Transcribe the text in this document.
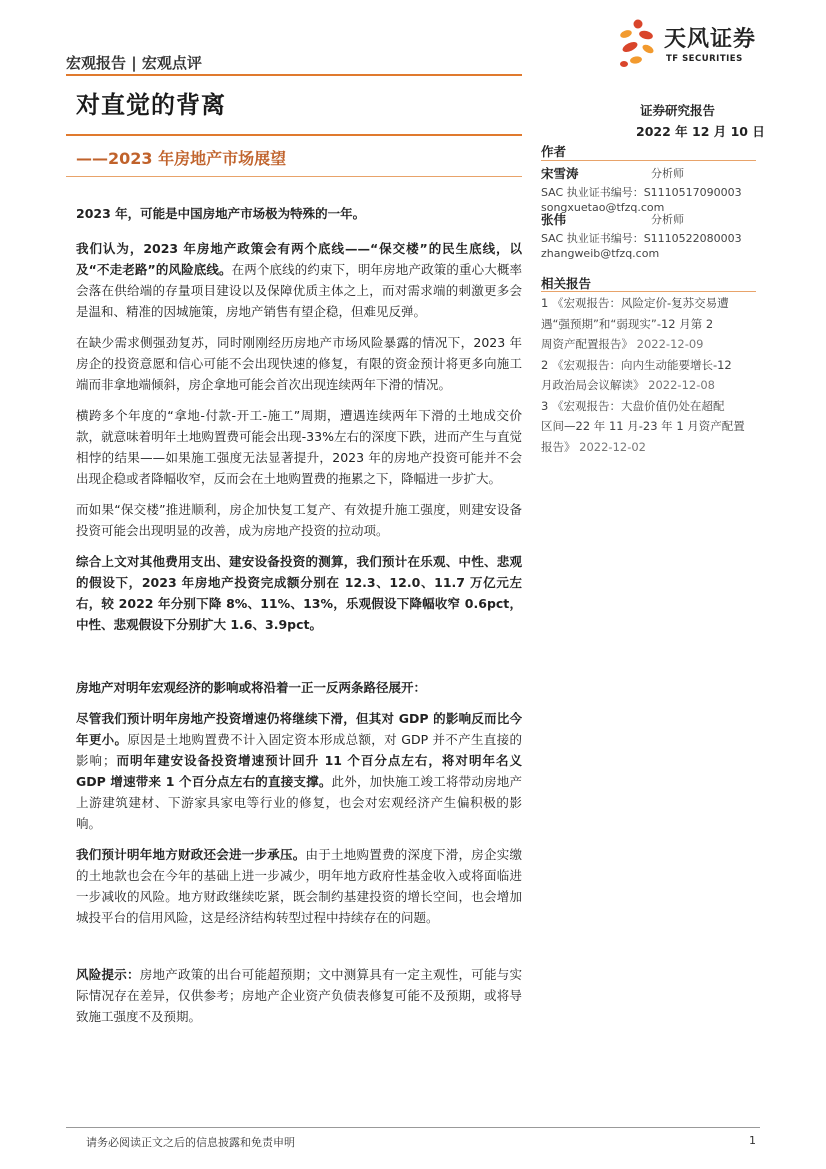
宏观报告 | 宏观点评
对直觉的背离
——2023 年房地产市场展望
天风证券
TF SECURITIES
证券研究报告
2022 年 12 月 10 日
作者
宋雪涛	分析师
SAC 执业证书编号：S1110517090003
songxuetao@tfzq.com
张伟	分析师
SAC 执业证书编号：S1110522080003
zhangweib@tfzq.com
相关报告
1 《宏观报告：风险定价-复苏交易遭
遇“强预期”和“弱现实”-12 月第 2
周资产配置报告》 2022-12-09
2 《宏观报告：向内生动能要增长-12
月政治局会议解读》 2022-12-08
3 《宏观报告：大盘价值仍处在超配
区间—22 年 11 月-23 年 1 月资产配置
报告》 2022-12-02

2023 年，可能是中国房地产市场极为特殊的一年。

我们认为，2023 年房地产政策会有两个底线——“保交楼”的民生底线，以及“不走老路”的风险底线。在两个底线的约束下，明年房地产政策的重心大概率会落在供给端的存量项目建设以及保障优质主体之上，而对需求端的刺激更多会是温和、精准的因城施策，房地产销售有望企稳，但难见反弹。

在缺少需求侧强劲复苏，同时刚刚经历房地产市场风险暴露的情况下，2023 年房企的投资意愿和信心可能不会出现快速的修复，有限的资金预计将更多向施工端而非拿地端倾斜，房企拿地可能会首次出现连续两年下滑的情况。

横跨多个年度的“拿地-付款-开工-施工”周期，遭遇连续两年下滑的土地成交价款，就意味着明年土地购置费可能会出现-33%左右的深度下跌，进而产生与直觉相悖的结果——如果施工强度无法显著提升，2023 年的房地产投资可能并不会出现企稳或者降幅收窄，反而会在土地购置费的拖累之下，降幅进一步扩大。

而如果“保交楼”推进顺利，房企加快复工复产、有效提升施工强度，则建安设备投资可能会出现明显的改善，成为房地产投资的拉动项。

综合上文对其他费用支出、建安设备投资的测算，我们预计在乐观、中性、悲观的假设下，2023 年房地产投资完成额分别在 12.3、12.0、11.7 万亿元左右，较 2022 年分别下降 8%、11%、13%，乐观假设下降幅收窄 0.6pct，中性、悲观假设下分别扩大 1.6、3.9pct。

房地产对明年宏观经济的影响或将沿着一正一反两条路径展开：

尽管我们预计明年房地产投资增速仍将继续下滑，但其对 GDP 的影响反而比今年更小。原因是土地购置费不计入固定资本形成总额，对 GDP 并不产生直接的影响；而明年建安设备投资增速预计回升 11 个百分点左右，将对明年名义 GDP 增速带来 1 个百分点左右的直接支撑。此外，加快施工竣工将带动房地产上游建筑建材、下游家具家电等行业的修复，也会对宏观经济产生偏积极的影响。

我们预计明年地方财政还会进一步承压。由于土地购置费的深度下滑，房企实缴的土地款也会在今年的基础上进一步减少，明年地方政府性基金收入或将面临进一步减收的风险。地方财政继续吃紧，既会制约基建投资的增长空间，也会增加城投平台的信用风险，这是经济结构转型过程中持续存在的问题。

风险提示：房地产政策的出台可能超预期；文中测算具有一定主观性，可能与实际情况存在差异，仅供参考；房地产企业资产负债表修复可能不及预期，或将导致施工强度不及预期。

请务必阅读正文之后的信息披露和免责申明	1
